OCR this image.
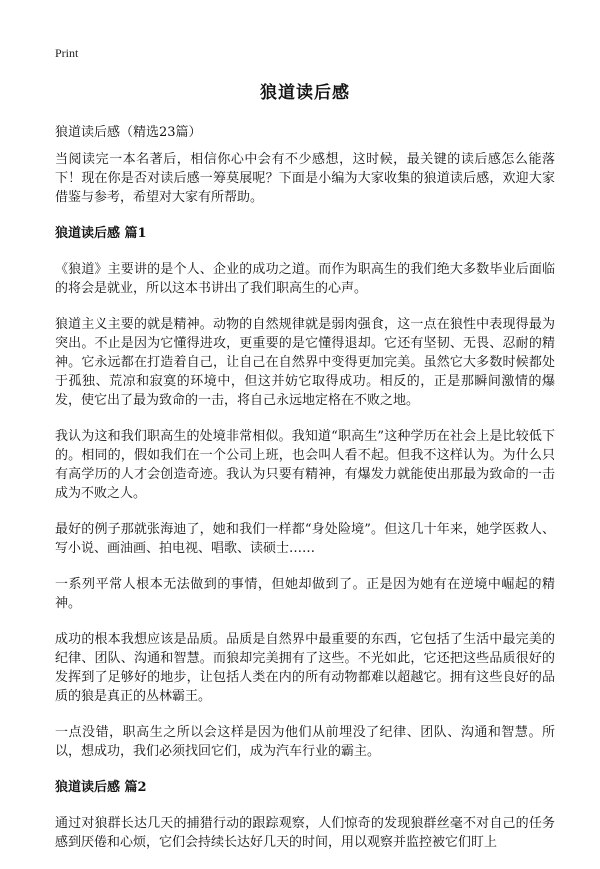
Print
狼道读后感
狼道读后感（精选23篇）

当阅读完一本名著后，相信你心中会有不少感想，这时候，最关键的读后感怎么能落下！现在你是否对读后感一筹莫展呢？下面是小编为大家收集的狼道读后感，欢迎大家借鉴与参考，希望对大家有所帮助。

狼道读后感 篇1

《狼道》主要讲的是个人、企业的成功之道。而作为职高生的我们绝大多数毕业后面临的将会是就业，所以这本书讲出了我们职高生的心声。

狼道主义主要的就是精神。动物的自然规律就是弱肉强食，这一点在狼性中表现得最为突出。不止是因为它懂得进攻，更重要的是它懂得退却。它还有坚韧、无畏、忍耐的精神。它永远都在打造着自己，让自己在自然界中变得更加完美。虽然它大多数时候都处于孤独、荒凉和寂寞的环境中，但这并妨它取得成功。相反的，正是那瞬间激情的爆发，使它出了最为致命的一击，将自己永远地定格在不败之地。

我认为这和我们职高生的处境非常相似。我知道“职高生”这种学历在社会上是比较低下的。相同的，假如我们在一个公司上班，也会叫人看不起。但我不这样认为。为什么只有高学历的人才会创造奇迹。我认为只要有精神，有爆发力就能使出那最为致命的一击成为不败之人。

最好的例子那就张海迪了，她和我们一样都“身处险境”。但这几十年来，她学医救人、写小说、画油画、拍电视、唱歌、读硕士……

一系列平常人根本无法做到的事情，但她却做到了。正是因为她有在逆境中崛起的精神。

成功的根本我想应该是品质。品质是自然界中最重要的东西，它包括了生活中最完美的纪律、团队、沟通和智慧。而狼却完美拥有了这些。不光如此，它还把这些品质很好的发挥到了足够好的地步，让包括人类在内的所有动物都难以超越它。拥有这些良好的品质的狼是真正的丛林霸王。

一点没错，职高生之所以会这样是因为他们从前埋没了纪律、团队、沟通和智慧。所以，想成功，我们必须找回它们，成为汽车行业的霸主。

狼道读后感 篇2

通过对狼群长达几天的捕猎行动的跟踪观察，人们惊奇的发现狼群丝毫不对自己的任务感到厌倦和心烦，它们会持续长达好几天的时间，用以观察并监控被它们盯上
